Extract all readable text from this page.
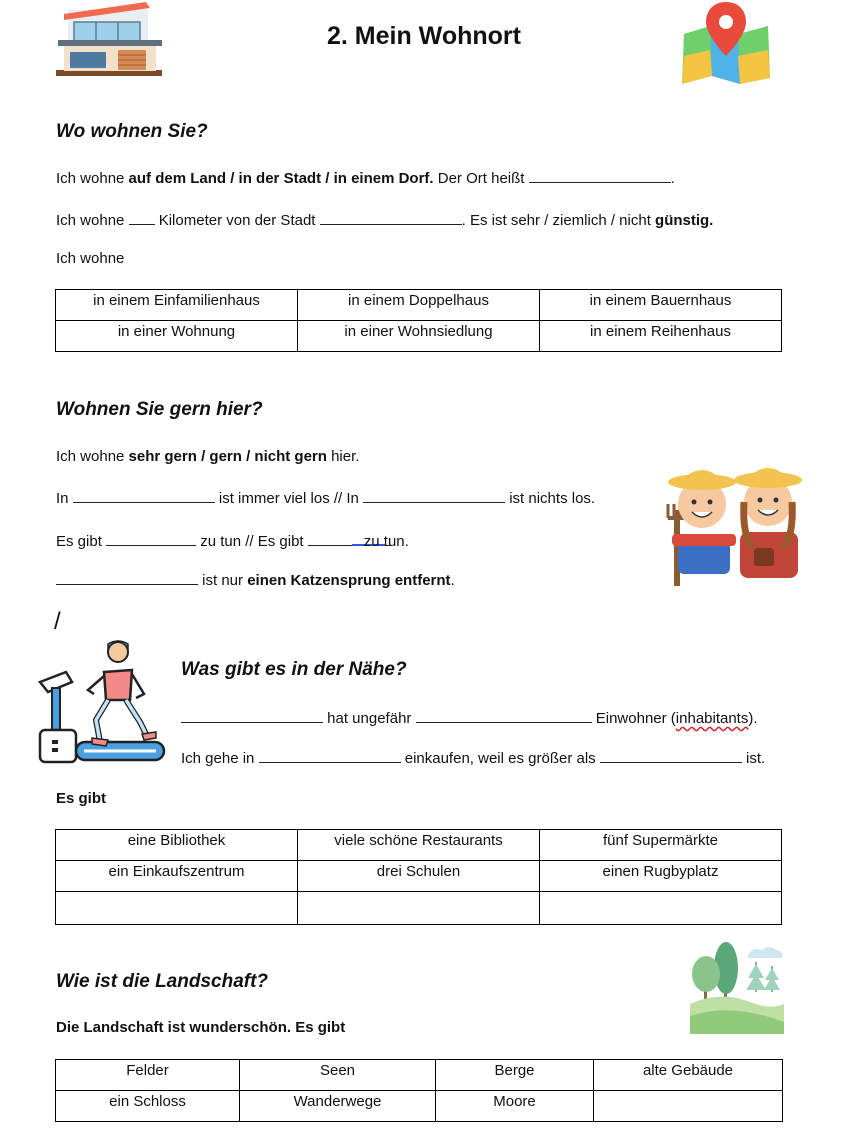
2. Mein Wohnort
Wo wohnen Sie?
Ich wohne auf dem Land / in der Stadt / in einem Dorf. Der Ort heißt	.
Ich wohne  Kilometer von der Stadt	. Es ist sehr / ziemlich / nicht günstig.
Ich wohne
in einem Einfamilienhaus	in einem Doppelhaus	in einem Bauernhaus
in einer Wohnung	in einer Wohnsiedlung	in einem Reihenhaus
Wohnen Sie gern hier?
Ich wohne sehr gern / gern / nicht gern hier.
In	ist immer viel los // In	ist nichts los.
Es gibt	zu tun // Es gibt	zu tun.
ist nur einen Katzensprung entfernt.
/
Was gibt es in der Nähe?
hat ungefähr	Einwohner (inhabitants).
Ich gehe in	einkaufen, weil es größer als	ist.
Es gibt
eine Bibliothek	viele schöne Restaurants	fünf Supermärkte
ein Einkaufszentrum	drei Schulen	einen Rugbyplatz

Wie ist die Landschaft?
Die Landschaft ist wunderschön. Es gibt
Felder	Seen	Berge	alte Gebäude
ein Schloss	Wanderwege	Moore	
